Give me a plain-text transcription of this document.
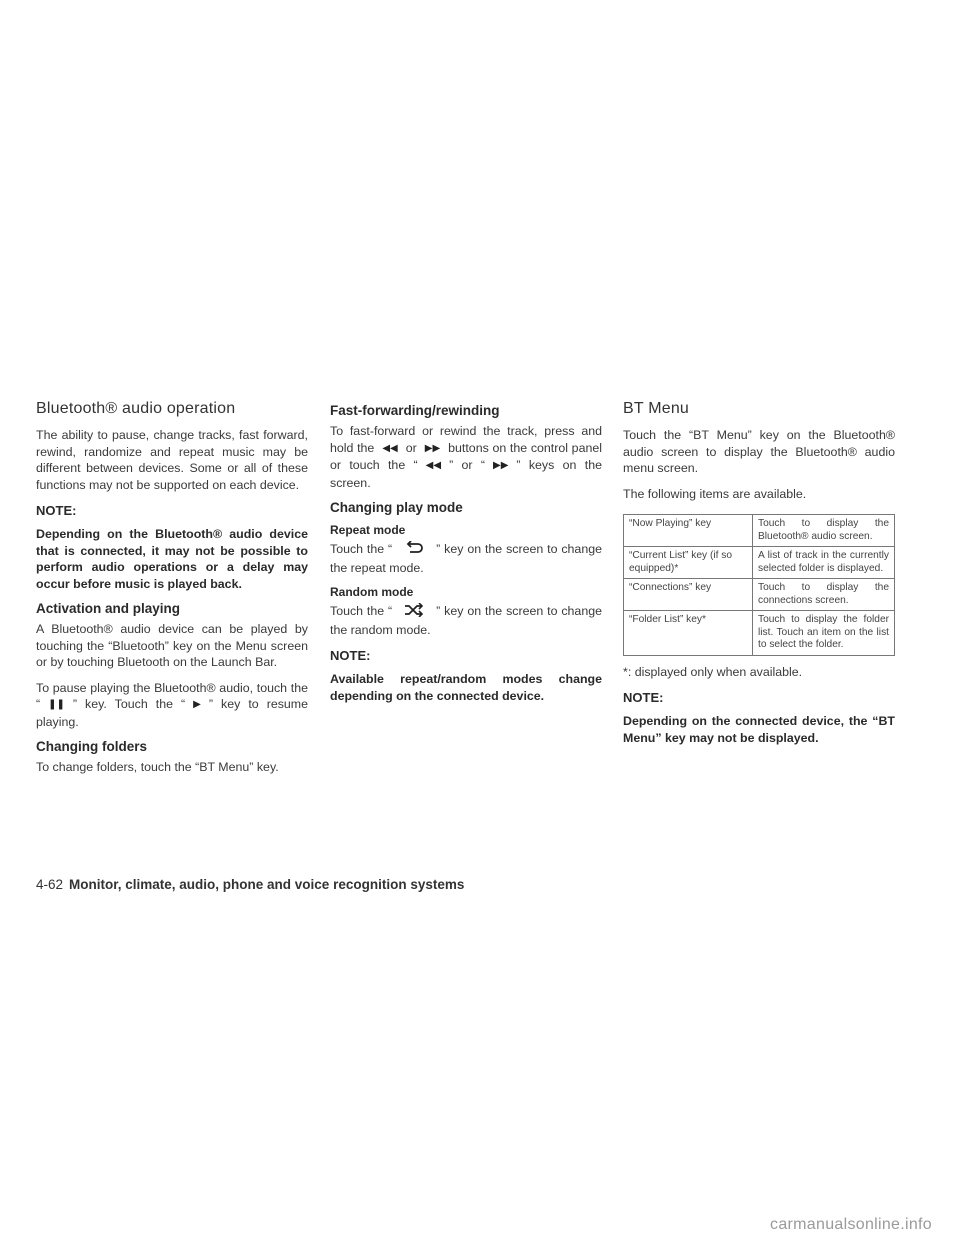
Bluetooth® audio operation

The ability to pause, change tracks, fast forward, rewind, randomize and repeat music may be different between devices. Some or all of these functions may not be supported on each device.

NOTE:

Depending on the Bluetooth® audio device that is connected, it may not be possible to perform audio operations or a delay may occur before music is played back.

Activation and playing

A Bluetooth® audio device can be played by touching the “Bluetooth” key on the Menu screen or by touching Bluetooth on the Launch Bar.

To pause playing the Bluetooth® audio, touch the “ ❚❚ ” key. Touch the “ ▶ ” key to resume playing.

Changing folders

To change folders, touch the “BT Menu” key.

Fast-forwarding/rewinding

To fast-forward or rewind the track, press and hold the ◀◀ or ▶▶ buttons on the control panel or touch the “ ◀◀ ” or “ ▶▶ ” keys on the screen.

Changing play mode
Repeat mode

Touch the “	” key on the screen to change the repeat mode.

Random mode

Touch the “	” key on the screen to change the random mode.

NOTE:

Available repeat/random modes change depending on the connected device.

BT Menu

Touch the “BT Menu” key on the Bluetooth® audio screen to display the Bluetooth® audio menu screen.

The following items are available.

“Now Playing” key	Touch to display the Bluetooth® audio screen.
“Current List” key (if so equipped)*	A list of track in the currently selected folder is displayed.
“Connections” key	Touch to display the connections screen.
“Folder List” key*	Touch to display the folder list. Touch an item on the list to select the folder.

*: displayed only when available.

NOTE:

Depending on the connected device, the “BT Menu” key may not be displayed.

4-62 Monitor, climate, audio, phone and voice recognition systems
carmanualsonline.info
